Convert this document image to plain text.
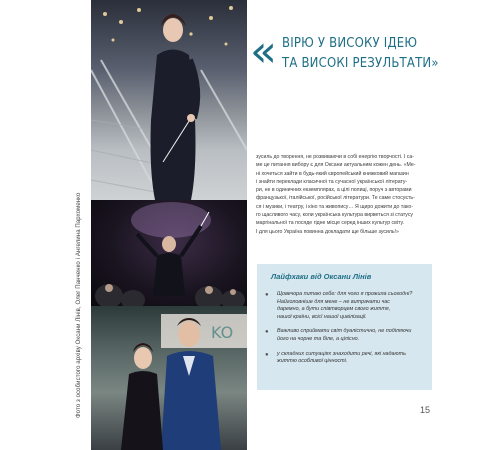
KO
Фото з особистого архіву Оксани Лінів, Олег Панченко і Ангелина Пархоменко
« ВІРЮ У ВИСОКУ ІДЕЮ
ТА ВИСОКІ РЕЗУЛЬТАТИ»
зусиль до творення, не розвиваючи в собі енергію творчості. І са-
ме це питання вибору є для Оксани актуальним кожен день. «Ме-
ні хочеться зайти в будь-який європейський книжковий магазин
і знайти переклади класичної та сучасної української літерату-
ри, не в одиничних екземплярах, а цілі полиці, поруч з авторами
французької, італійської, російської літератури. Те саме стосуєть-
ся і музики, і театру, і кіно та живопису… Я щиро дожити до тако-
го щасливого часу, коли українська культура вирветься зі статусу
маргінальної та посяде гідне місце серед інших культур світу.
І для цього Україна повинна докладати ще більше зусиль!»
Лайфхаки від Оксани Лінів
● Щовечора питаю себе: для чого я прожила сьогодні?
Найголовніше для мене – не витрачати час
даремно, а бути співтворцем свого життя,
нашої країни, всієї нашої цивілізації.
● Важливо сприймати світ дуалістично, не поділяючи
його на чорне та біле, а цілісно.
● у складних ситуаціях знаходити речі, які надають
життю особливої цінності.
15
